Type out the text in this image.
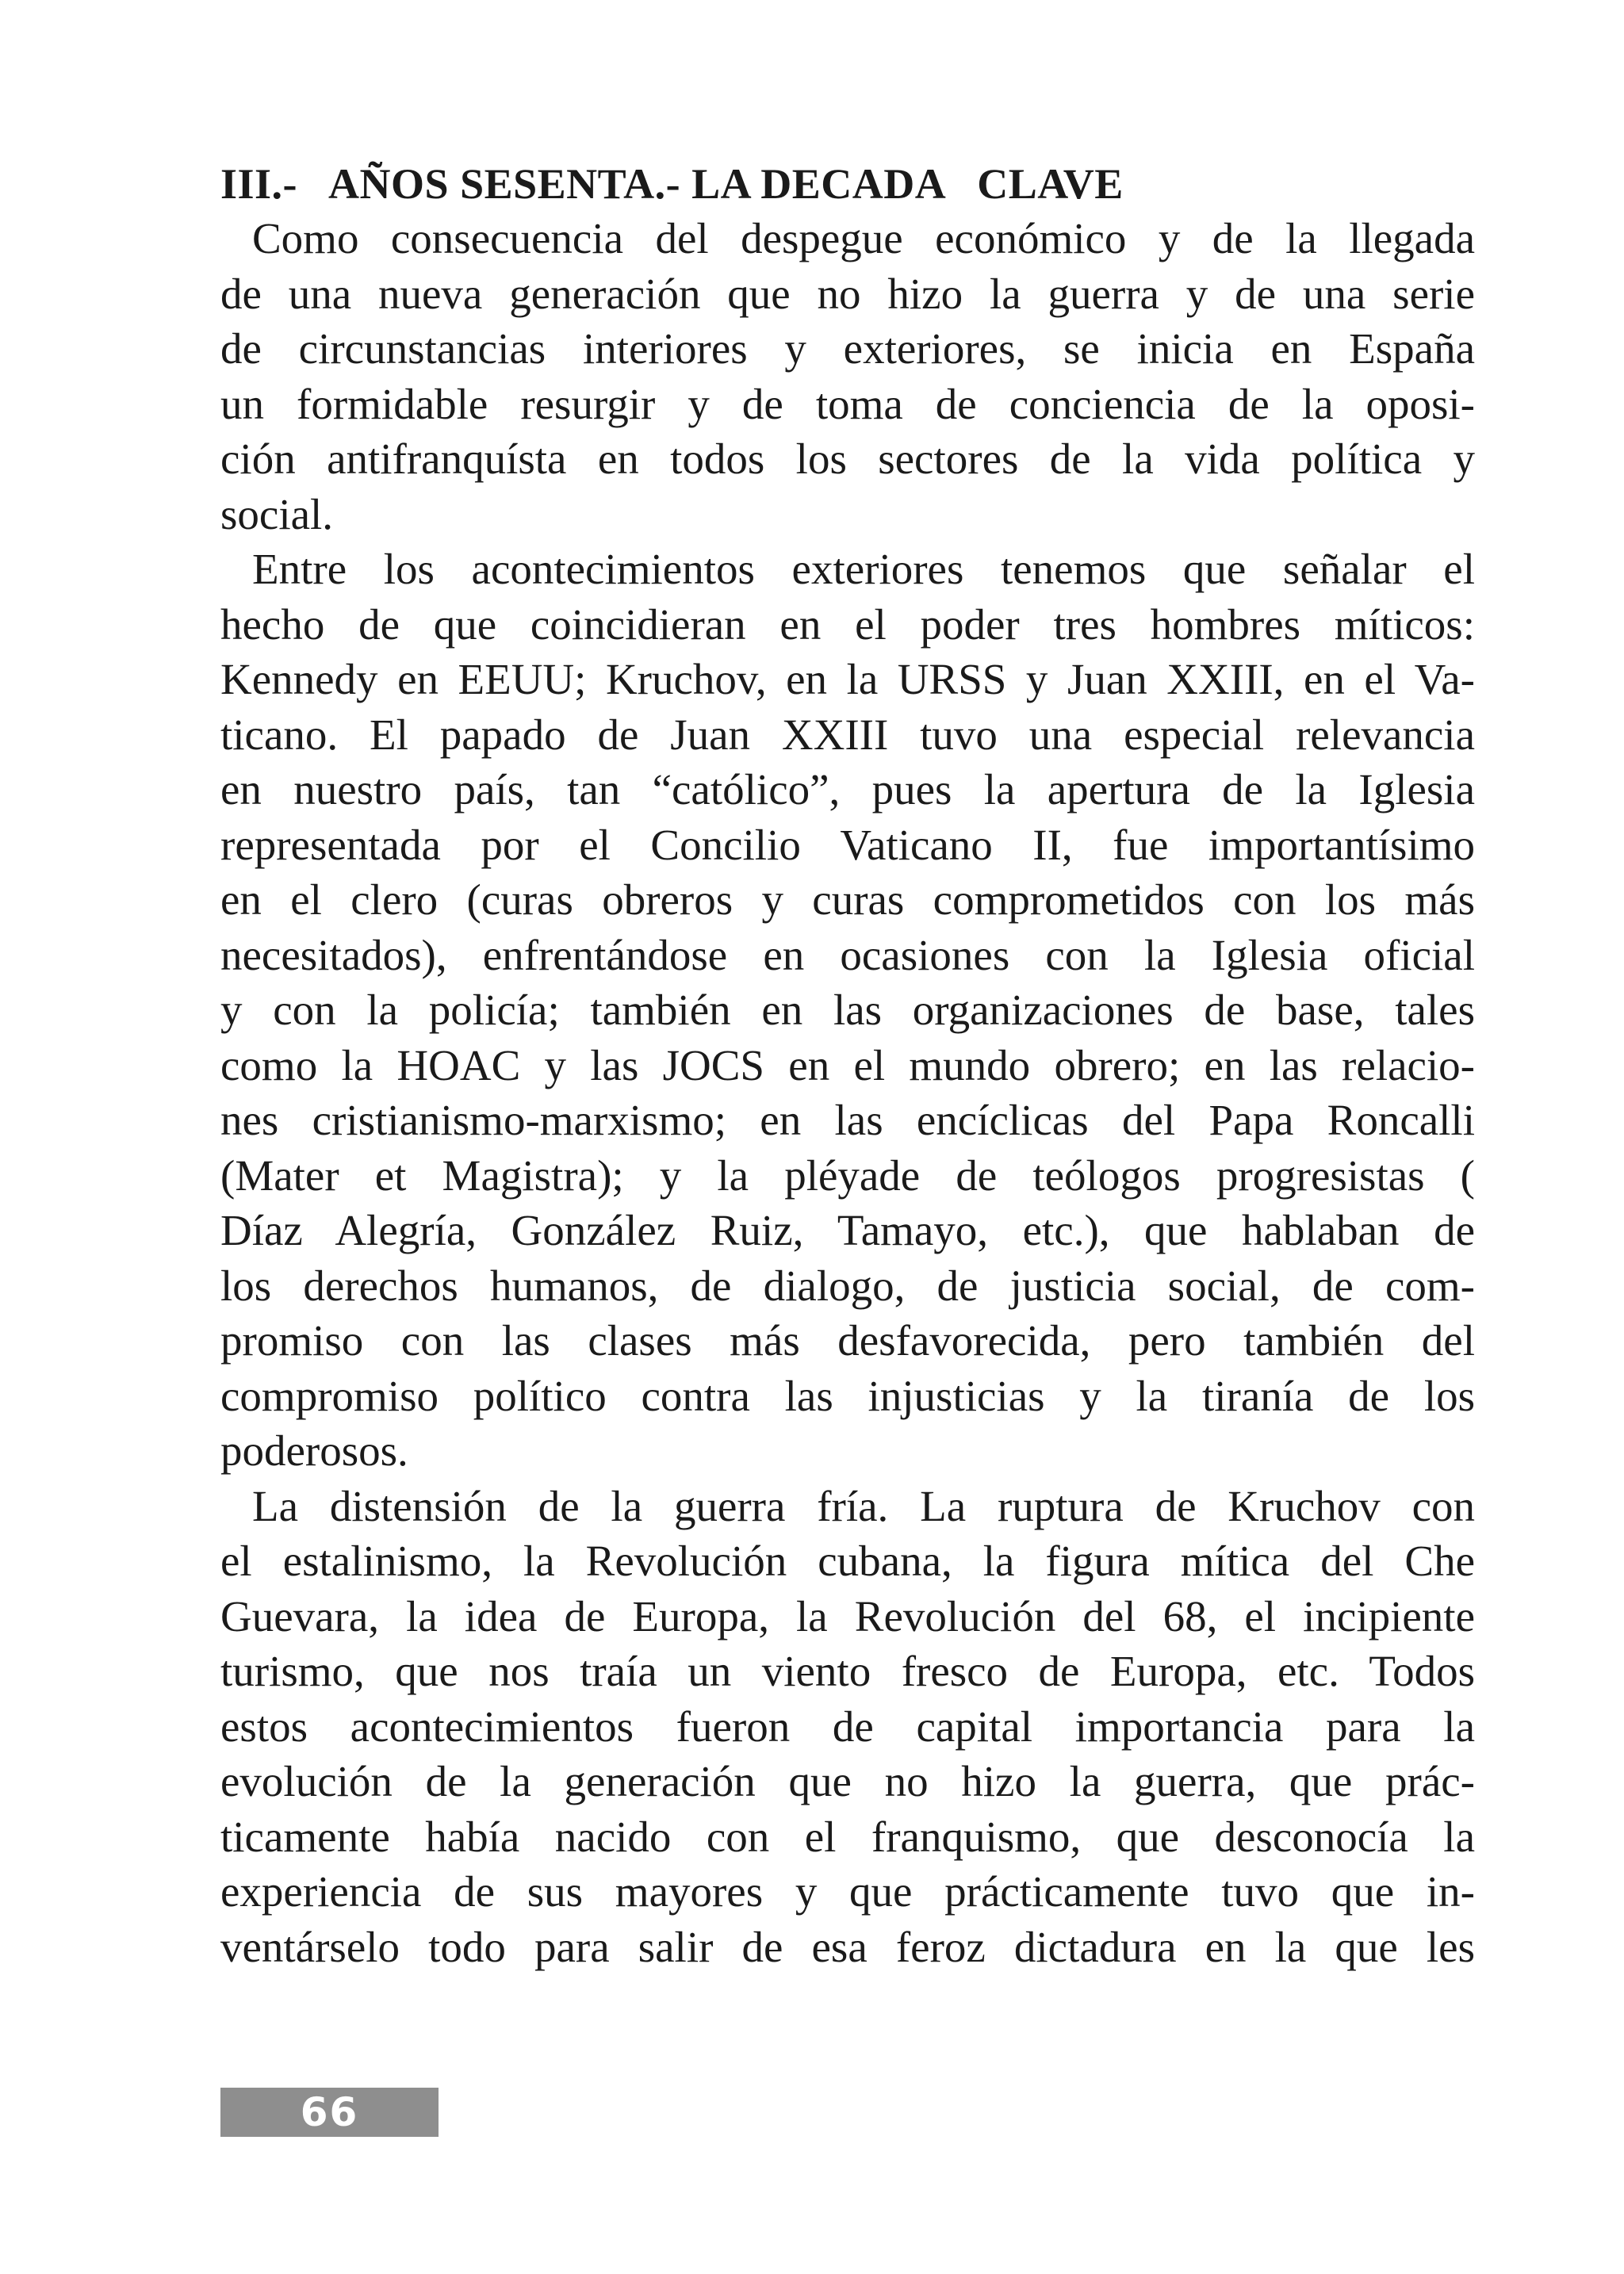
III.-   AÑOS SESENTA.- LA DECADA   CLAVE
Como consecuencia del despegue económico y de la llegada
de una nueva generación que no hizo la guerra y de una serie
de circunstancias interiores y exteriores, se inicia en España
un formidable resurgir y de toma de conciencia de la oposi-
ción antifranquísta en todos los sectores de la vida política y
social.
Entre los acontecimientos exteriores tenemos que señalar el
hecho de que coincidieran en el poder tres hombres míticos:
Kennedy en EEUU; Kruchov, en la URSS y Juan XXIII, en el Va-
ticano. El papado de Juan XXIII tuvo una especial relevancia
en nuestro país, tan “católico”, pues la apertura de la Iglesia
representada por el Concilio Vaticano II, fue importantísimo
en el clero (curas obreros y curas comprometidos con los más
necesitados), enfrentándose en ocasiones con la Iglesia oficial
y con la policía; también en las organizaciones de base, tales
como la HOAC y las JOCS en el mundo obrero; en las relacio-
nes cristianismo-marxismo; en las encíclicas del Papa Roncalli
(Mater et Magistra); y la pléyade de teólogos progresistas (
Díaz Alegría, González Ruiz, Tamayo, etc.), que hablaban de
los derechos humanos, de dialogo, de justicia social, de com-
promiso con las clases más desfavorecida, pero también del
compromiso político contra las injusticias y la tiranía de los
poderosos.
La distensión de la guerra fría. La ruptura de Kruchov con
el estalinismo, la Revolución cubana, la figura mítica del Che
Guevara, la idea de Europa, la Revolución del 68, el incipiente
turismo, que nos traía un viento fresco de Europa, etc. Todos
estos acontecimientos fueron de capital importancia para la
evolución de la generación que no hizo la guerra, que prác-
ticamente había nacido con el franquismo, que desconocía la
experiencia de sus mayores y que prácticamente tuvo que in-
ventárselo todo para salir de esa feroz dictadura en la que les
66
